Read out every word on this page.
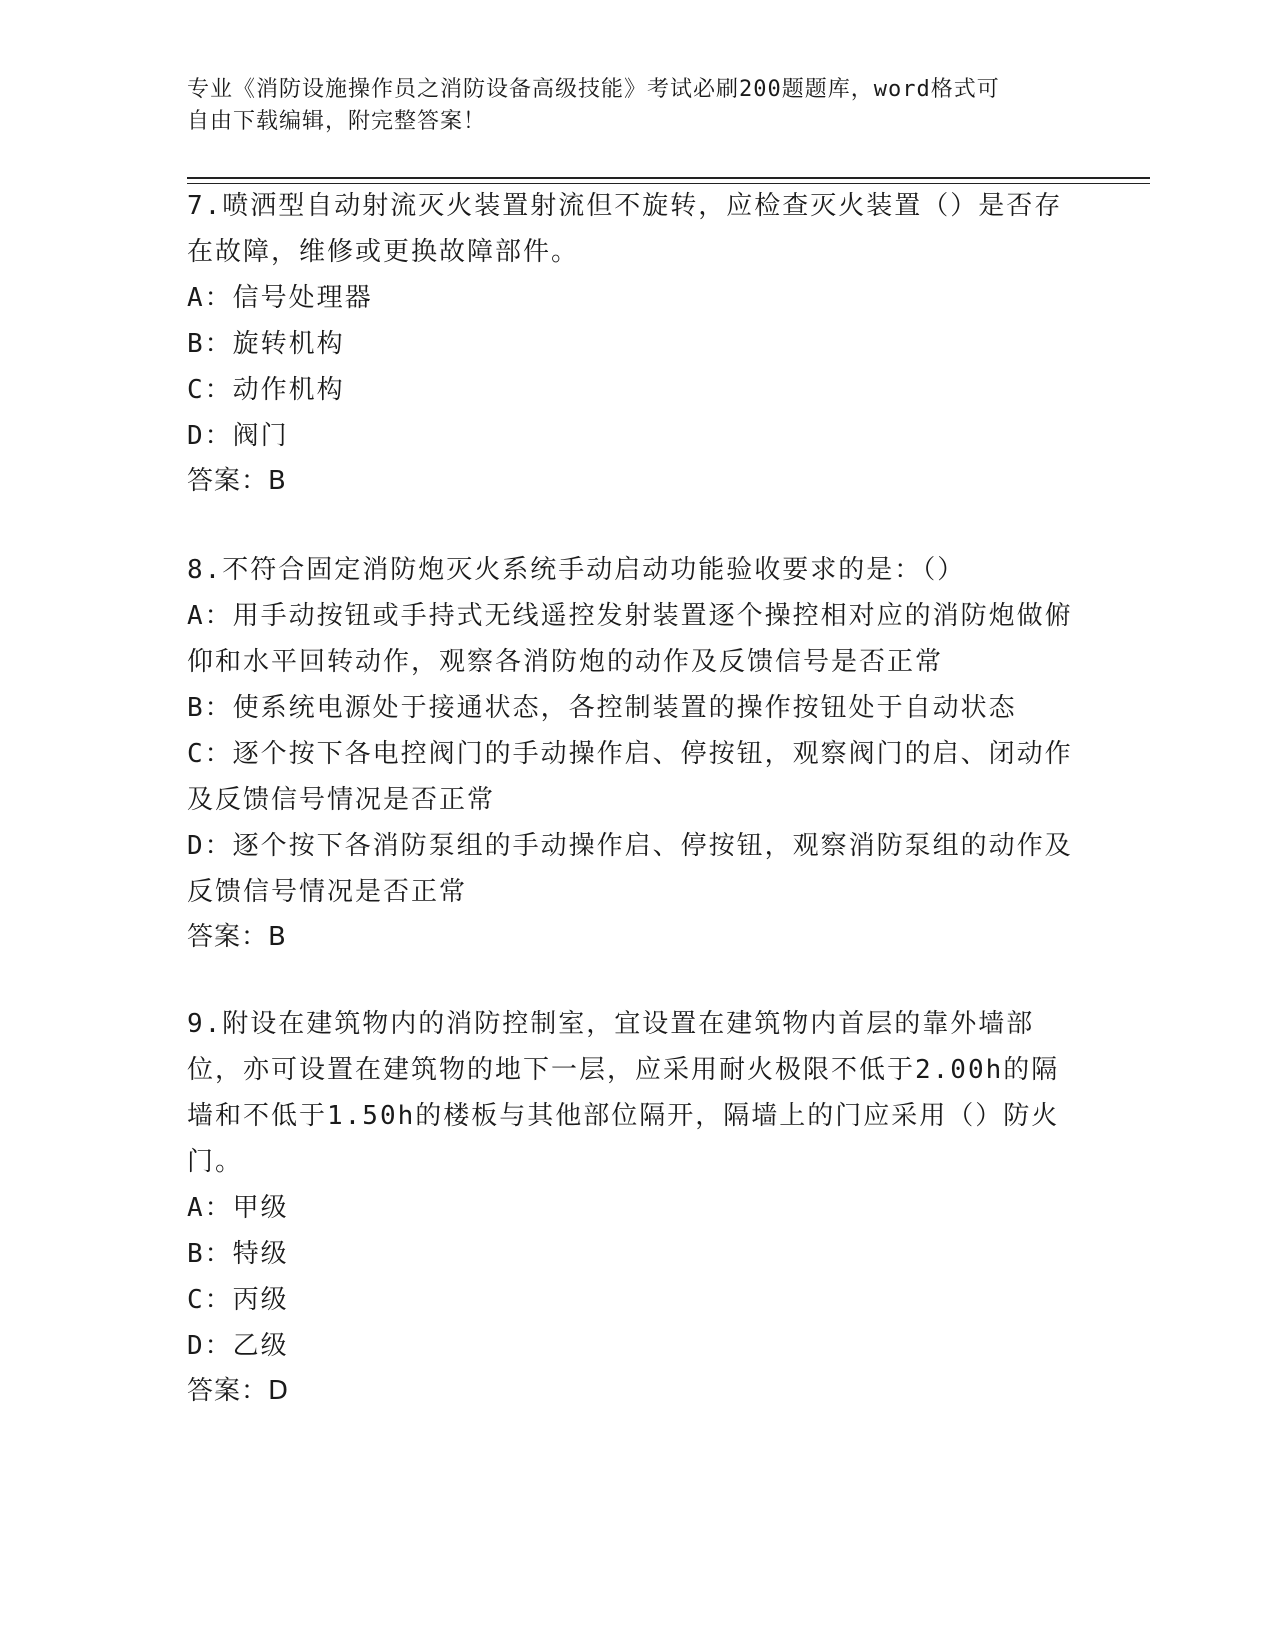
专业《消防设施操作员之消防设备高级技能》考试必刷200题题库，word格式可

自由下载编辑，附完整答案！

7.喷洒型自动射流灭火装置射流但不旋转，应检查灭火装置（）是否存在故障，维修或更换故障部件。

A：信号处理器

B：旋转机构

C：动作机构

D：阀门

答案：B

8.不符合固定消防炮灭火系统手动启动功能验收要求的是：（）

A：用手动按钮或手持式无线遥控发射装置逐个操控相对应的消防炮做俯仰和水平回转动作，观察各消防炮的动作及反馈信号是否正常

B：使系统电源处于接通状态，各控制装置的操作按钮处于自动状态

C：逐个按下各电控阀门的手动操作启、停按钮，观察阀门的启、闭动作及反馈信号情况是否正常

D：逐个按下各消防泵组的手动操作启、停按钮，观察消防泵组的动作及反馈信号情况是否正常

答案：B

9.附设在建筑物内的消防控制室，宜设置在建筑物内首层的靠外墙部位，亦可设置在建筑物的地下一层，应采用耐火极限不低于2.00h的隔墙和不低于1.50h的楼板与其他部位隔开，隔墙上的门应采用（）防火门。

A：甲级

B：特级

C：丙级

D：乙级

答案：D
